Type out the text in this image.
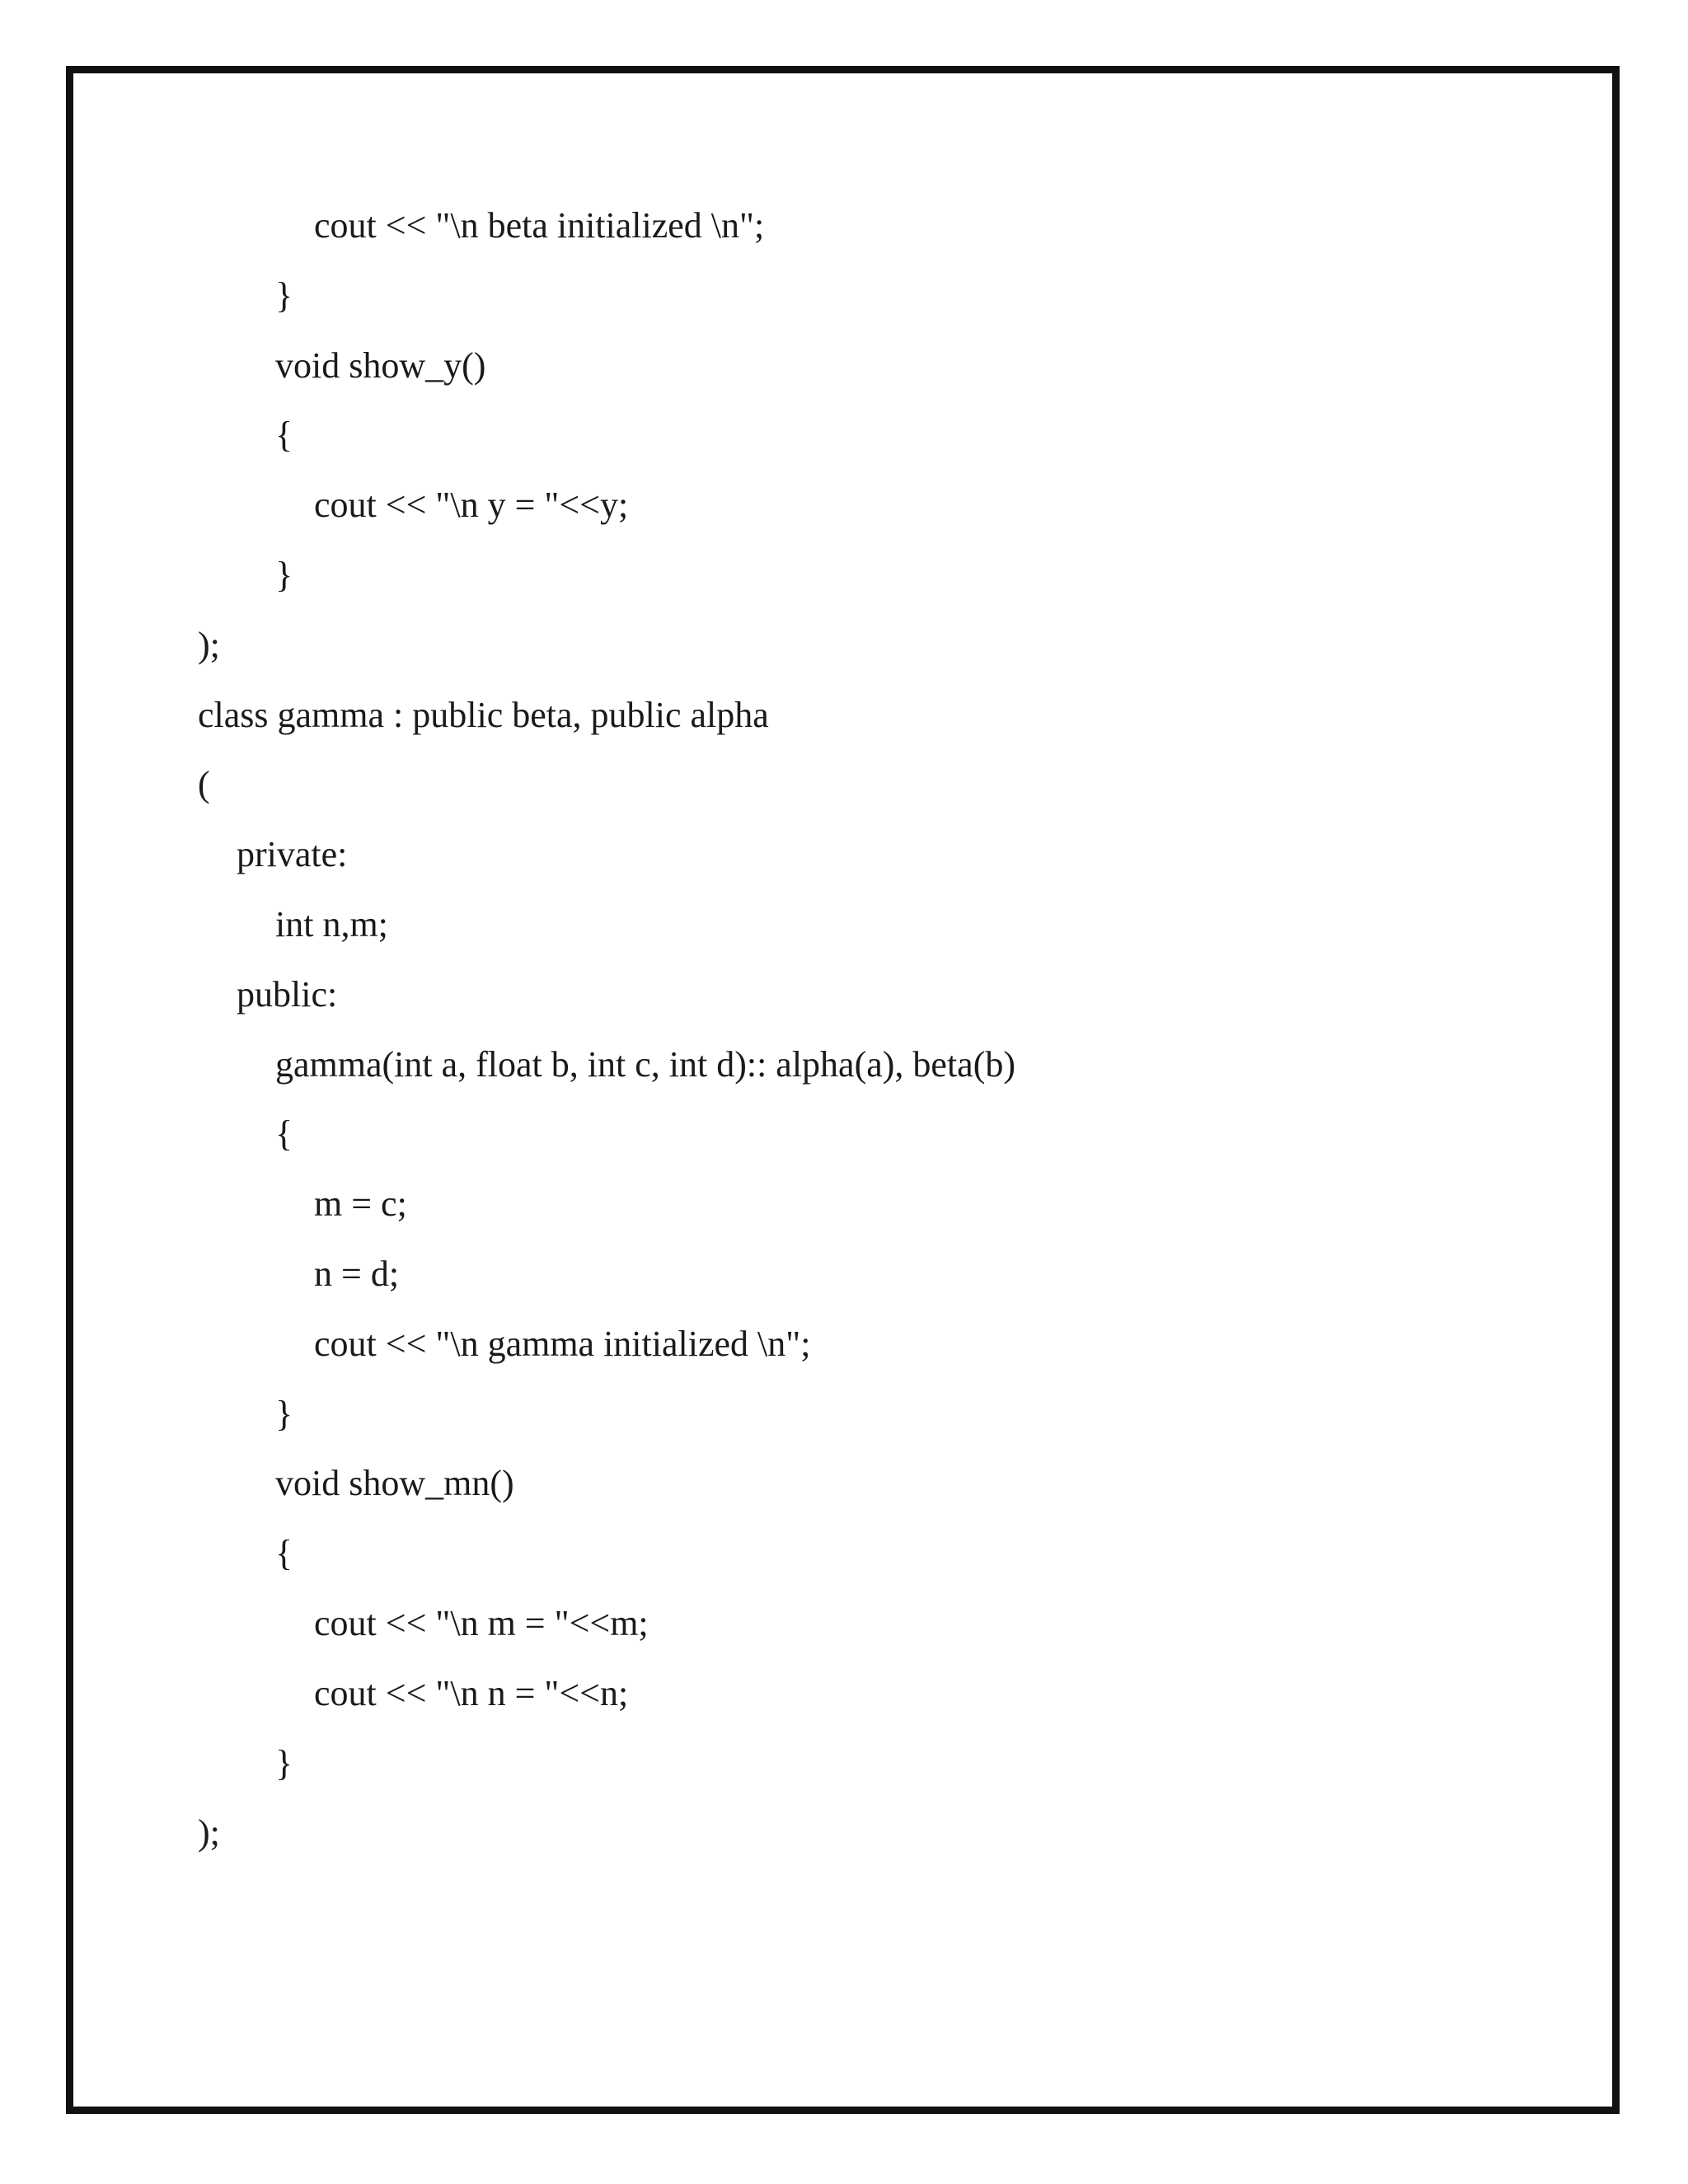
cout << "\n beta initialized \n";
}
void show_y()
{
cout << "\n y = "<<y;
}
);
class gamma : public beta, public alpha
(
private:
int n,m;
public:
gamma(int a, float b, int c, int d):: alpha(a), beta(b)
{
m = c;
n = d;
cout << "\n gamma initialized \n";
}
void show_mn()
{
cout << "\n m = "<<m;
cout << "\n n = "<<n;
}
);
